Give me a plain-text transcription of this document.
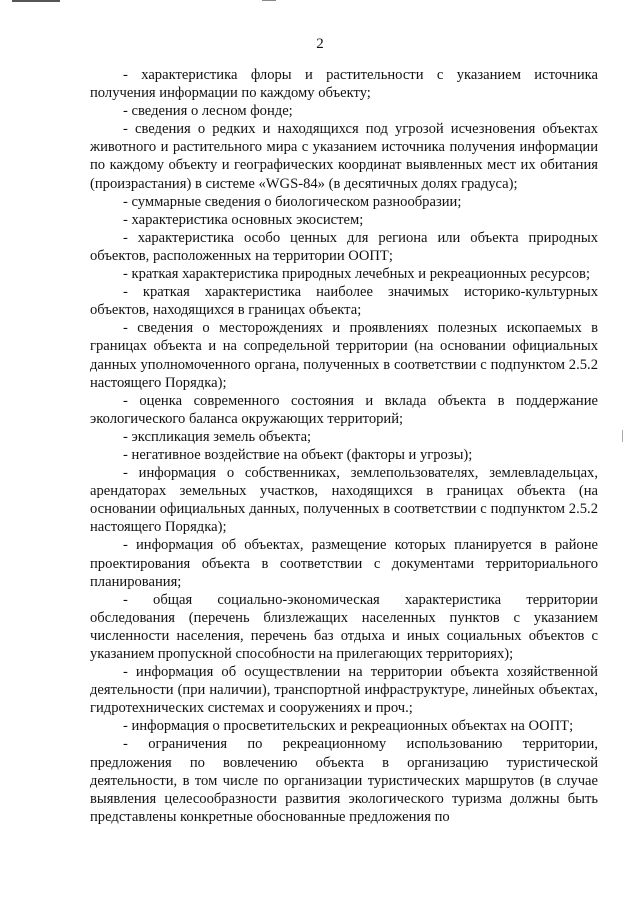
2

- характеристика флоры и растительности с указанием источника получения информации по каждому объекту;

- сведения о лесном фонде;

- сведения о редких и находящихся под угрозой исчезновения объектах животного и растительного мира с указанием источника получения информации по каждому объекту и географических координат выявленных мест их обитания (произрастания) в системе «WGS-84» (в десятичных долях градуса);

- суммарные сведения о биологическом разнообразии;

- характеристика основных экосистем;

- характеристика особо ценных для региона или объекта природных объектов, расположенных на территории ООПТ;

- краткая характеристика природных лечебных и рекреационных ресурсов;

- краткая характеристика наиболее значимых историко-культурных объектов, находящихся в границах объекта;

- сведения о месторождениях и проявлениях полезных ископаемых в границах объекта и на сопредельной территории (на основании официальных данных уполномоченного органа, полученных в соответствии с подпунктом 2.5.2 настоящего Порядка);

- оценка современного состояния и вклада объекта в поддержание экологического баланса окружающих территорий;

- экспликация земель объекта;

- негативное воздействие на объект (факторы и угрозы);

- информация о собственниках, землепользователях, землевладельцах, арендаторах земельных участков, находящихся в границах объекта (на основании официальных данных, полученных в соответствии с подпунктом 2.5.2 настоящего Порядка);

- информация об объектах, размещение которых планируется в районе проектирования объекта в соответствии с документами территориального планирования;

- общая социально-экономическая характеристика территории обследования (перечень близлежащих населенных пунктов с указанием численности населения, перечень баз отдыха и иных социальных объектов с указанием пропускной способности на прилегающих территориях);

- информация об осуществлении на территории объекта хозяйственной деятельности (при наличии), транспортной инфраструктуре, линейных объектах, гидротехнических системах и сооружениях и проч.;

- информация о просветительских и рекреационных объектах на ООПТ;

- ограничения по рекреационному использованию территории, предложения по вовлечению объекта в организацию туристической деятельности, в том числе по организации туристических маршрутов (в случае выявления целесообразности развития экологического туризма должны быть представлены конкретные обоснованные предложения по
